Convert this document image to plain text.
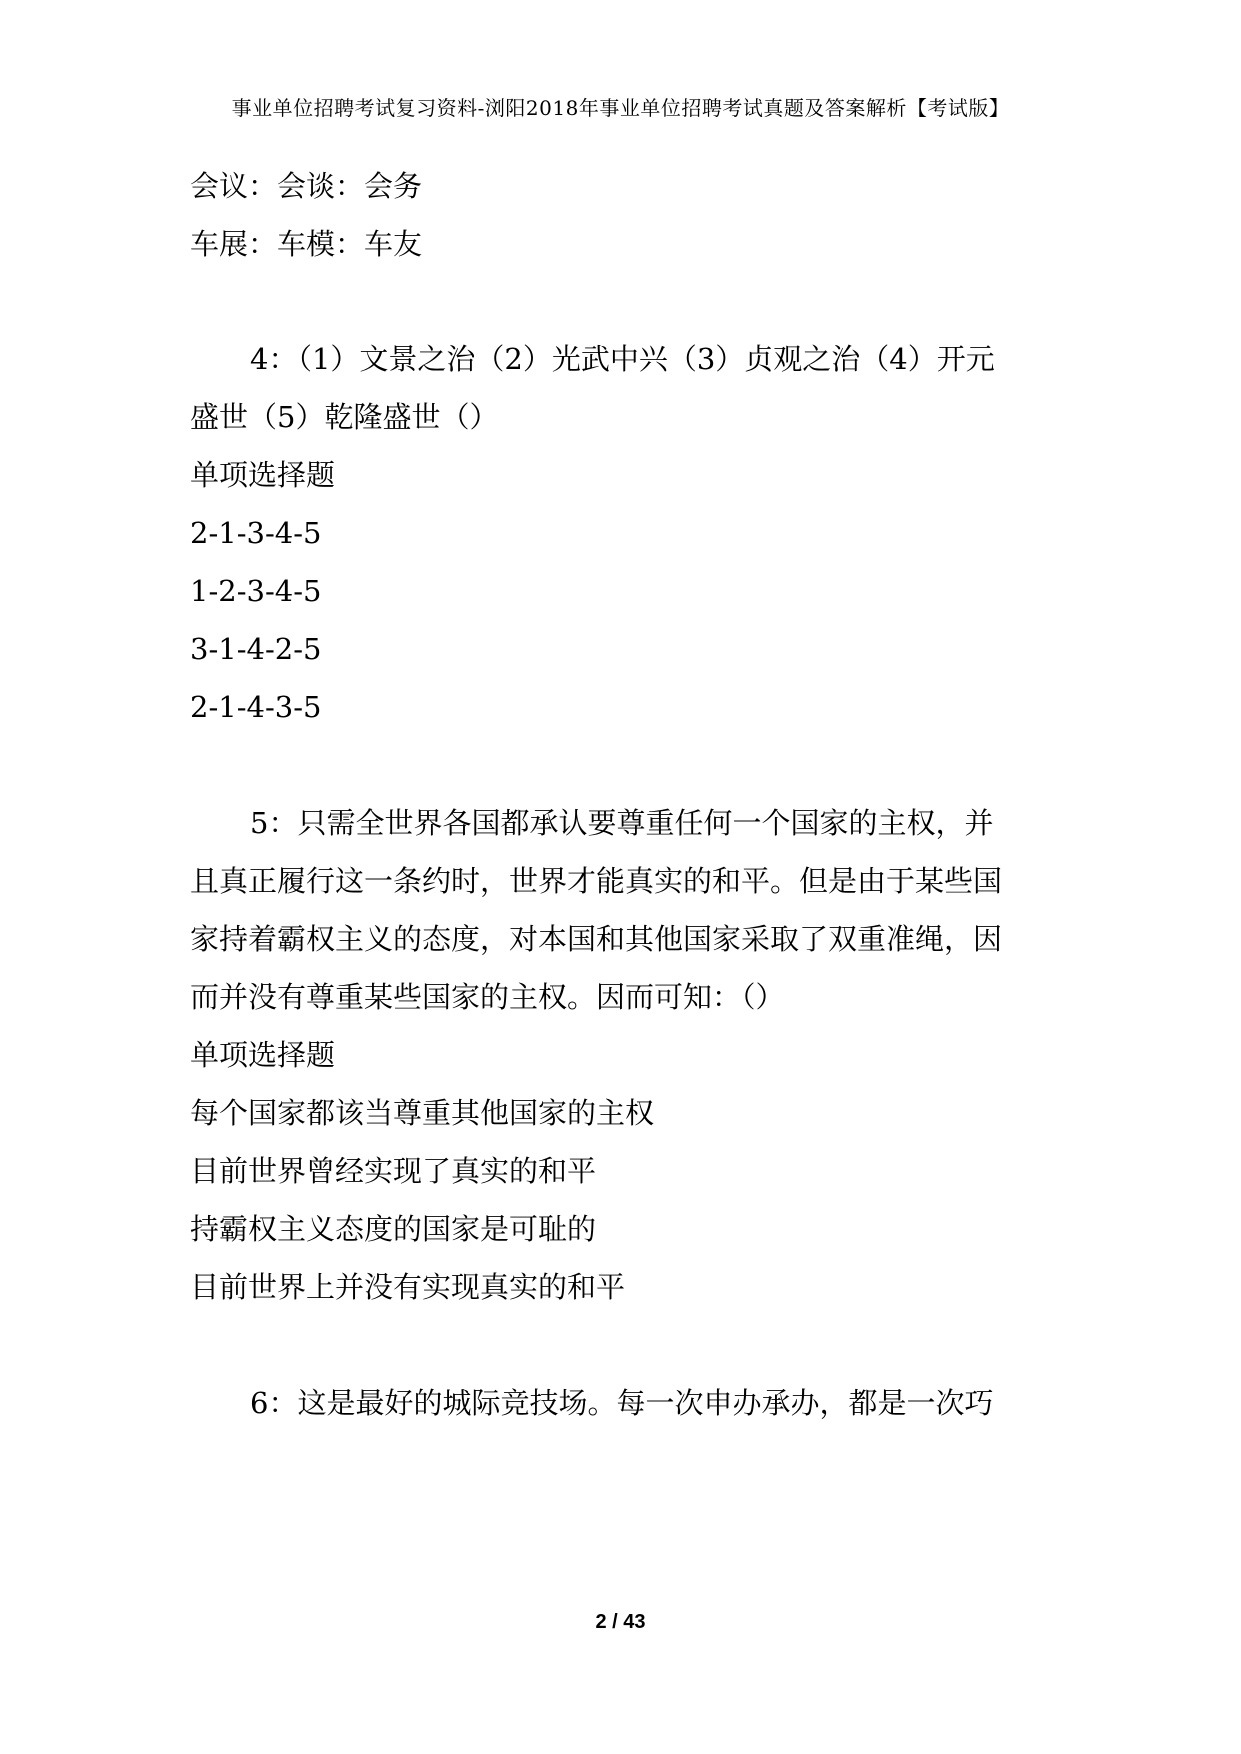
事业单位招聘考试复习资料-浏阳2018年事业单位招聘考试真题及答案解析【考试版】
会议：会谈：会务
车展：车模：车友
4：（1）文景之治（2）光武中兴（3）贞观之治（4）开元
盛世（5）乾隆盛世（）
单项选择题
2-1-3-4-5
1-2-3-4-5
3-1-4-2-5
2-1-4-3-5
5：只需全世界各国都承认要尊重任何一个国家的主权，并
且真正履行这一条约时，世界才能真实的和平。但是由于某些国
家持着霸权主义的态度，对本国和其他国家采取了双重准绳，因
而并没有尊重某些国家的主权。因而可知：（）
单项选择题
每个国家都该当尊重其他国家的主权
目前世界曾经实现了真实的和平
持霸权主义态度的国家是可耻的
目前世界上并没有实现真实的和平
6：这是最好的城际竞技场。每一次申办承办，都是一次巧
2 / 43
